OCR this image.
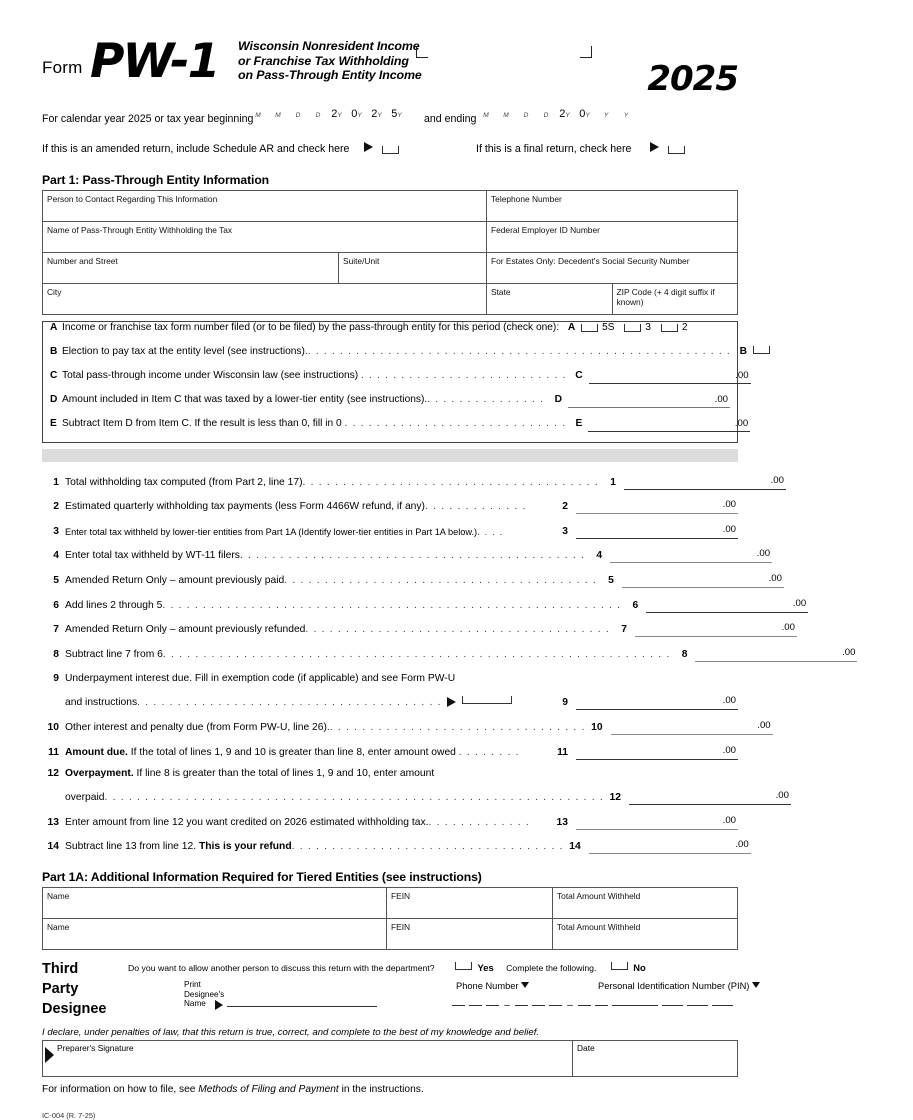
Form PW-1 Wisconsin Nonresident Income
or Franchise Tax Withholding
on Pass-Through Entity Income	2025
For calendar year 2025 or tax year beginning M	M	D	D 2Y 0Y 2Y 5Y	and ending	M	M	D	D 2Y 0Y	Y	Y
If this is an amended return, include Schedule AR and check here	If this is a final return, check here
Part 1: Pass-Through Entity Information
Person to Contact Regarding This Information		Telephone Number	
Name of Pass-Through Entity Withholding the Tax		Federal Employer ID Number	
Number and Street	Suite/Unit	For Estates Only: Decedent's Social Security Number	
City		State	ZIP Code (+ 4 digit suffix if known)
A Income or franchise tax form number filed (or to be filed) by the pass-through entity for this period (check one): A	5S	3	2
B Election to pay tax at the entity level (see instructions).. . . . . . . . . . . . . . . . . . . . . . . . . . . . . . . . . . . . . . . . . . . . . . . . . . . . . B
C Total pass-through income under Wisconsin law (see instructions) . . . . . . . . . . . . . . . . . . . . . . . . . . C	.00
D Amount included in Item C that was taxed by a lower-tier entity (see instructions).. . . . . . . . . . . . . . .	D	.00
E Subtract Item D from Item C. If the result is less than 0, fill in 0 . . . . . . . . . . . . . . . . . . . . . . . . . . . . E	.00
1 Total withholding tax computed (from Part 2, line 17). . . . . . . . . . . . . . . . . . . . . . . . . . . . . . . . . . . . .	1	.00
2 Estimated quarterly withholding tax payments (less Form 4466W refund, if any). . . . . . . . . . . . .	2	.00
3 Enter total tax withheld by lower-tier entities from Part 1A (Identify lower-tier entities in Part 1A below.). . . .	3	.00
4 Enter total tax withheld by WT-11 filers. . . . . . . . . . . . . . . . . . . . . . . . . . . . . . . . . . . . . . . . . . .	4	.00
5 Amended Return Only – amount previously paid. . . . . . . . . . . . . . . . . . . . . . . . . . . . . . . . . . . . . . .	5	.00
6 Add lines 2 through 5. . . . . . . . . . . . . . . . . . . . . . . . . . . . . . . . . . . . . . . . . . . . . . . . . . . . . . . . .	6	.00
7 Amended Return Only – amount previously refunded. . . . . . . . . . . . . . . . . . . . . . . . . . . . . . . . . . . . . .	7	.00
8 Subtract line 7 from 6. . . . . . . . . . . . . . . . . . . . . . . . . . . . . . . . . . . . . . . . . . . . . . . . . . . . . . . . . . . . . . .	8	.00
9 Underpayment interest due. Fill in exemption code (if applicable) and see Form PW-U
and instructions. . . . . . . . . . . . . . . . . . . . . . . . . . . . . . . . . . . . . .	9	.00
10 Other interest and penalty due (from Form PW-U, line 26).. . . . . . . . . . . . . . . . . . . . . . . . . . . . . . . . 10	.00
11 Amount due. If the total of lines 1, 9 and 10 is greater than line 8, enter amount owed . . . . . . . .	11	.00
12 Overpayment. If line 8 is greater than the total of lines 1, 9 and 10, enter amount
overpaid. . . . . . . . . . . . . . . . . . . . . . . . . . . . . . . . . . . . . . . . . . . . . . . . . . . . . . . . . . . . . . 12	.00
13 Enter amount from line 12 you want credited on 2026 estimated withholding tax.. . . . . . . . . . . . .	13	.00
14 Subtract line 13 from line 12. This is your refund. . . . . . . . . . . . . . . . . . . . . . . . . . . . . . . . . . 14	.00
Part 1A: Additional Information Required for Tiered Entities (see instructions)
Name	FEIN	Total Amount Withheld
Name	FEIN	Total Amount Withheld
Third
Party
Designee
Do you want to allow another person to discuss this return with the department?	Yes Complete the following.	No
Print
Designee's
Name
Phone Number
–	–
Personal Identification Number (PIN)
I declare, under penalties of law, that this return is true, correct, and complete to the best of my knowledge and belief.
Preparer's Signature	Date
For information on how to file, see Methods of Filing and Payment in the instructions.
IC-004 (R. 7-25)
